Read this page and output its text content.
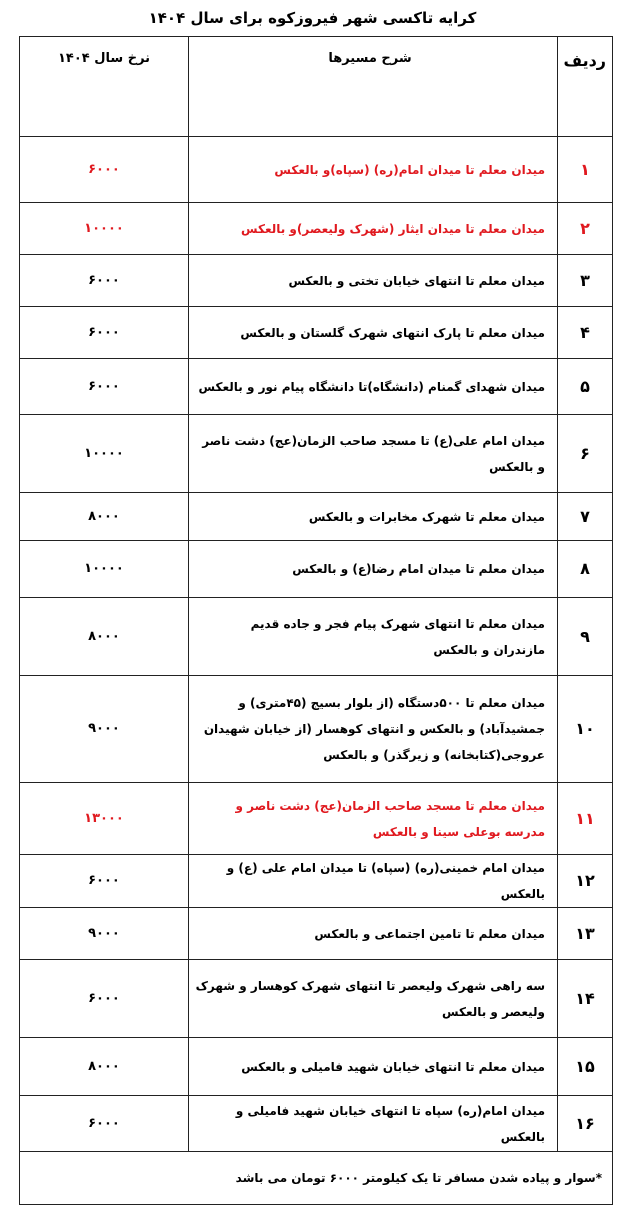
کرایه تاکسی شهر فیروزکوه برای سال ۱۴۰۴
ردیف	شرح مسیرها	نرخ سال ۱۴۰۴
۱	میدان معلم تا میدان امام(ره) (سپاه)و بالعکس	۶۰۰۰
۲	میدان معلم تا میدان ایثار (شهرک ولیعصر)و بالعکس	۱۰۰۰۰
۳	میدان معلم تا انتهای خیابان تختی و بالعکس	۶۰۰۰
۴	میدان معلم تا پارک انتهای شهرک گلستان و بالعکس	۶۰۰۰
۵	میدان شهدای گمنام (دانشگاه)تا دانشگاه پیام نور و بالعکس	۶۰۰۰
۶	میدان امام علی(ع) تا مسجد صاحب الزمان(عج) دشت ناصر و بالعکس	۱۰۰۰۰
۷	میدان معلم تا شهرک مخابرات و بالعکس	۸۰۰۰
۸	میدان معلم تا میدان امام رضا(ع) و بالعکس	۱۰۰۰۰
۹	میدان معلم تا انتهای شهرک پیام فجر و جاده قدیم مازندران و بالعکس	۸۰۰۰
۱۰	میدان معلم تا ۵۰۰دستگاه (از بلوار بسیج (۴۵متری) و جمشیدآباد) و بالعکس و انتهای کوهسار (از خیابان شهیدان عروجی(کتابخانه) و زیرگذر) و بالعکس	۹۰۰۰
۱۱	میدان معلم تا مسجد صاحب الزمان(عج) دشت ناصر و مدرسه بوعلی سینا و بالعکس	۱۳۰۰۰
۱۲	میدان امام خمینی(ره) (سپاه) تا میدان امام علی (ع) و بالعکس	۶۰۰۰
۱۳	میدان معلم تا تامین اجتماعی و بالعکس	۹۰۰۰
۱۴	سه راهی شهرک ولیعصر تا انتهای شهرک کوهسار و شهرک ولیعصر و بالعکس	۶۰۰۰
۱۵	میدان معلم تا انتهای خیابان شهید فامیلی و بالعکس	۸۰۰۰
۱۶	میدان امام(ره) سپاه تا انتهای خیابان شهید فامیلی و بالعکس	۶۰۰۰
*سوار و پیاده شدن مسافر تا یک کیلومتر ۶۰۰۰ تومان می باشد		
